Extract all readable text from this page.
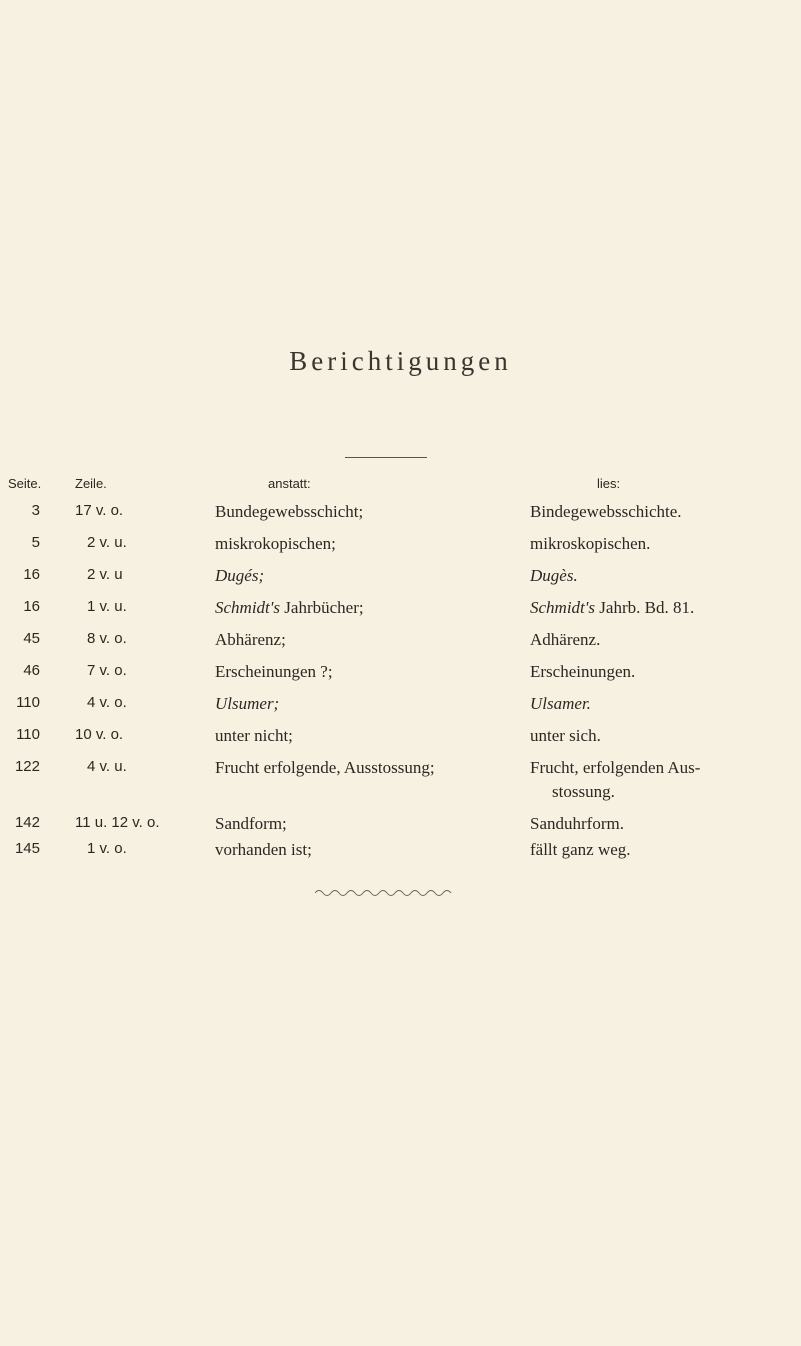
Berichtigungen
Seite.	Zeile.	anstatt:	lies:
3 17 v. o.	Bundegewebsschicht;	Bindegewebsschichte.
5	2 v. u.	miskrokopischen;	mikroskopischen.
16	2 v. u	Dugés;	Dugès.
16	1 v. u.	Schmidt's Jahrbücher;	Schmidt's Jahrb. Bd. 81.
45	8 v. o.	Abhärenz;	Adhärenz.
46	7 v. o.	Erscheinungen ?;	Erscheinungen.
110	4 v. o.	Ulsumer;	Ulsamer.
110 10 v. o.	unter nicht;	unter sich.
122	4 v. u.	Frucht erfolgende, Ausstossung;	Frucht, erfolgenden Aus-
stossung.
142 11 u. 12 v. o.	Sandform;	Sanduhrform.
145	1 v. o.	vorhanden ist;	fällt ganz weg.
